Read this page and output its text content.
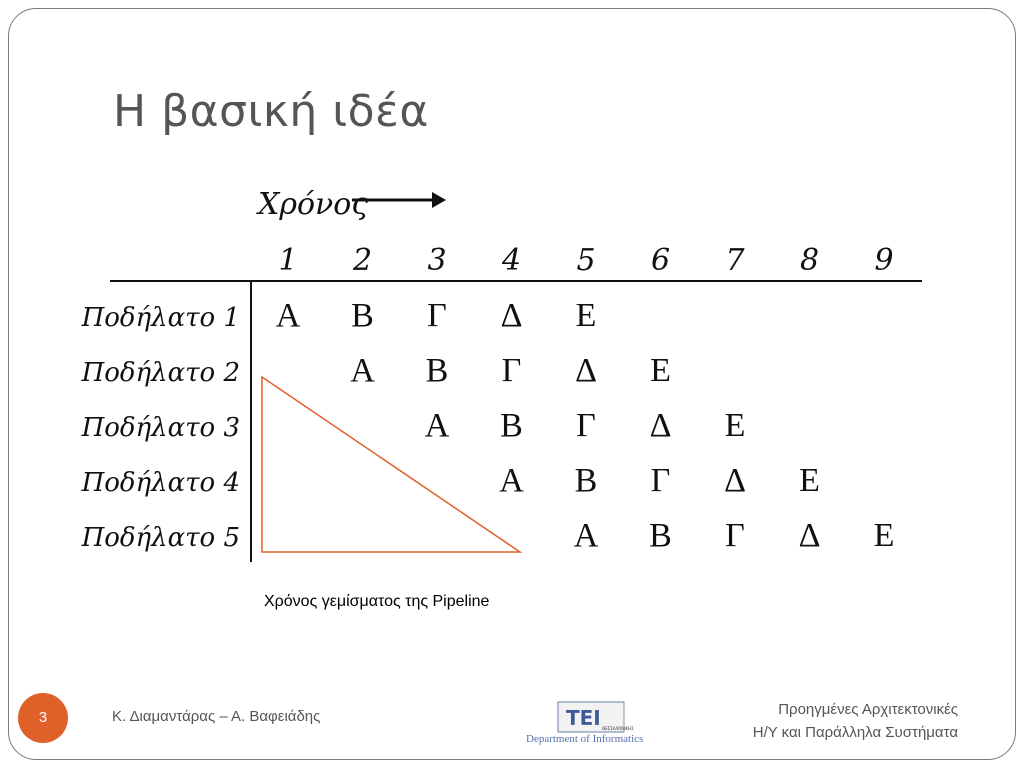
Η βασική ιδέα
Χρόνος
1 2 3 4 5 6 7 8 9
Ποδήλατο 1
Ποδήλατο 2
Ποδήλατο 3
Ποδήλατο 4
Ποδήλατο 5
Α Β Γ Δ Ε
Α Β Γ Δ Ε
Α Β Γ Δ Ε
Α Β Γ Δ Ε
Α Β Γ Δ Ε
Χρόνος γεμίσματος της Pipeline
3	Κ. Διαμαντάρας – Α. Βαφειάδης	ΤΕΙ ΘΕΣΣΑΛΟΝΙΚΗΣ
Department of Informatics
Προηγμένες Αρχιτεκτονικές
Η/Υ και Παράλληλα Συστήματα
